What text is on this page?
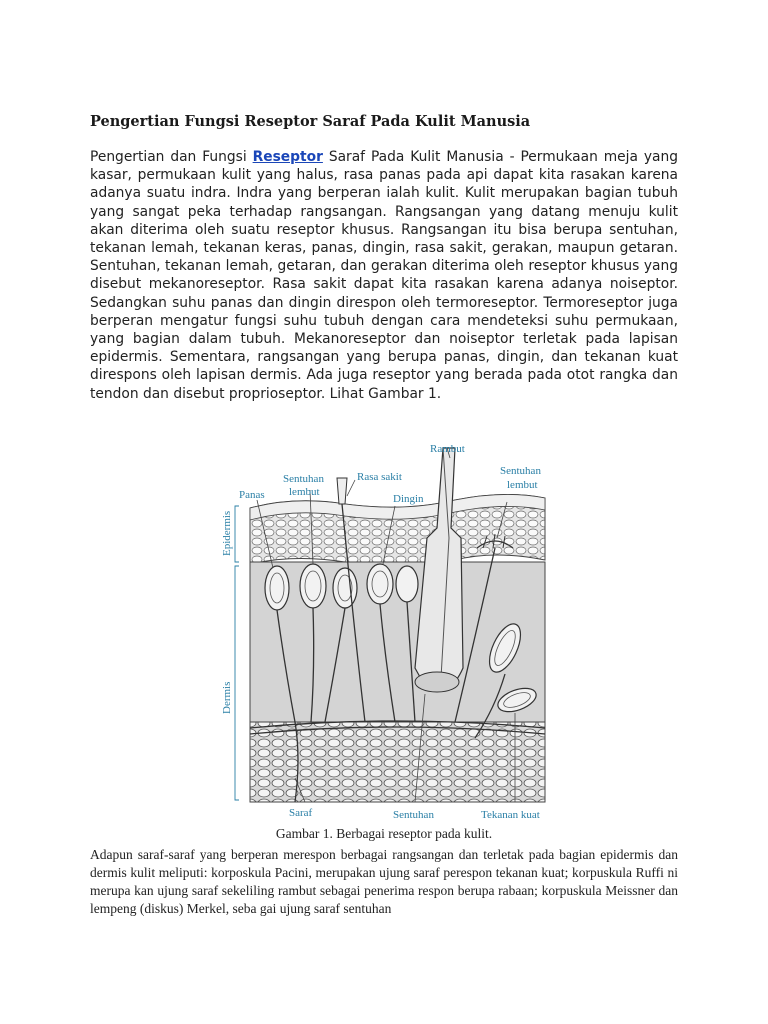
Pengertian Fungsi Reseptor Saraf Pada Kulit Manusia
Pengertian dan Fungsi Reseptor Saraf Pada Kulit Manusia - Permukaan meja yang kasar, permukaan kulit yang halus, rasa panas pada api dapat kita rasakan karena adanya suatu indra. Indra yang berperan ialah kulit. Kulit merupakan bagian tubuh yang sangat peka terhadap rangsangan. Rangsangan yang datang menuju kulit akan diterima oleh suatu reseptor khusus. Rangsangan itu bisa berupa sentuhan, tekanan lemah, tekanan keras, panas, dingin, rasa sakit, gerakan, maupun getaran. Sentuhan, tekanan lemah, getaran, dan gerakan diterima oleh reseptor khusus yang disebut mekanoreseptor. Rasa sakit dapat kita rasakan karena adanya noiseptor. Sedangkan suhu panas dan dingin direspon oleh termoreseptor. Termoreseptor juga berperan mengatur fungsi suhu tubuh dengan cara mendeteksi suhu permukaan, yang bagian dalam tubuh. Mekanoreseptor dan noiseptor terletak pada lapisan epidermis. Sementara, rangsangan yang berupa panas, dingin, dan tekanan kuat direspons oleh lapisan dermis. Ada juga reseptor yang berada pada otot rangka dan tendon dan disebut proprioseptor. Lihat Gambar 1.
Rambut
Sentuhan
lembut
Rasa sakit	Sentuhan
lembut
Panas	Dingin
Epidermis
Dermis
Saraf	Sentuhan	Tekanan kuat
Gambar 1. Berbagai reseptor pada kulit.
Adapun saraf-saraf yang berperan merespon berbagai rangsangan dan terletak pada bagian epidermis dan dermis kulit meliputi: korposkula Pacini, merupakan ujung saraf perespon tekanan kuat; korpuskula Ruffi ni merupa kan ujung saraf sekeliling rambut sebagai penerima respon berupa rabaan; korpuskula Meissner dan lempeng (diskus) Merkel, seba gai ujung saraf sentuhan
